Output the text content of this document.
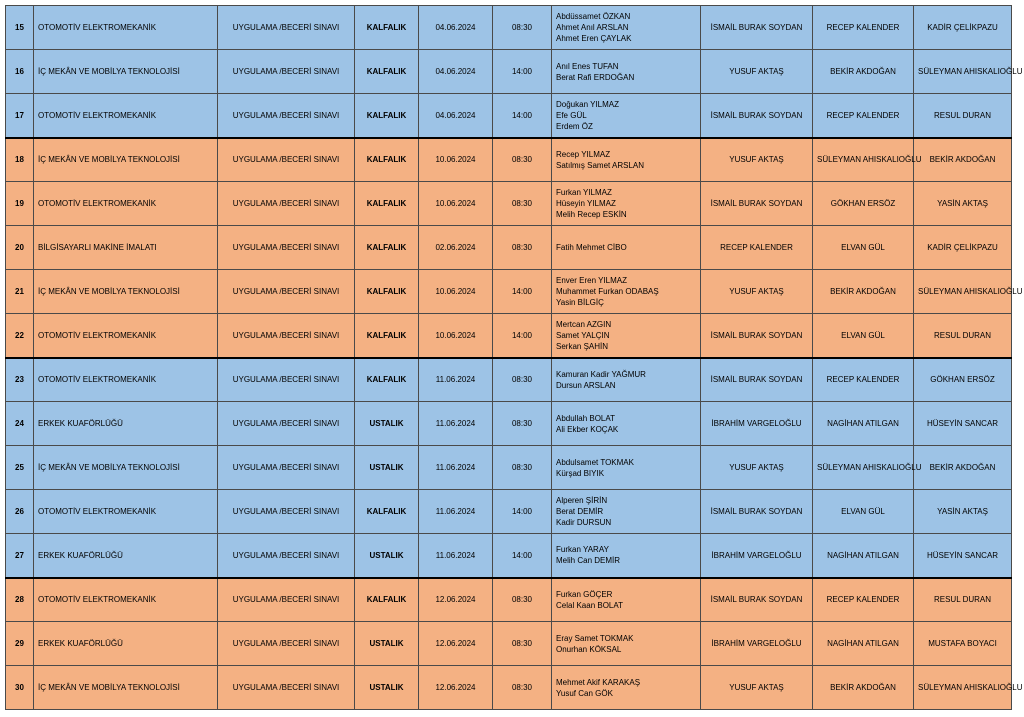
15	OTOMOTİV ELEKTROMEKANİK	UYGULAMA /BECERİ SINAVI	KALFALIK	04.06.2024	08:30	Abdüssamet ÖZKAN
Ahmet Anıl ARSLAN
Ahmet Eren ÇAYLAK	İSMAİL BURAK SOYDAN	RECEP KALENDER	KADİR ÇELİKPAZU
16	İÇ MEKÂN VE MOBİLYA TEKNOLOJİSİ	UYGULAMA /BECERİ SINAVI	KALFALIK	04.06.2024	14:00	Anıl Enes TUFAN
Berat Rafi ERDOĞAN	YUSUF AKTAŞ	BEKİR AKDOĞAN	SÜLEYMAN AHISKALIOĞLU
17	OTOMOTİV ELEKTROMEKANİK	UYGULAMA /BECERİ SINAVI	KALFALIK	04.06.2024	14:00	Doğukan YILMAZ
Efe GÜL
Erdem ÖZ	İSMAİL BURAK SOYDAN	RECEP KALENDER	RESUL DURAN
18	İÇ MEKÂN VE MOBİLYA TEKNOLOJİSİ	UYGULAMA /BECERİ SINAVI	KALFALIK	10.06.2024	08:30	Recep YILMAZ
Satılmış Samet ARSLAN	YUSUF AKTAŞ	SÜLEYMAN AHISKALIOĞLU	BEKİR AKDOĞAN
19	OTOMOTİV ELEKTROMEKANİK	UYGULAMA /BECERİ SINAVI	KALFALIK	10.06.2024	08:30	Furkan YILMAZ
Hüseyin YILMAZ
Melih Recep ESKİN	İSMAİL BURAK SOYDAN	GÖKHAN ERSÖZ	YASİN AKTAŞ
20	BİLGİSAYARLI MAKİNE İMALATI	UYGULAMA /BECERİ SINAVI	KALFALIK	02.06.2024	08:30	Fatih Mehmet CİBO	RECEP KALENDER	ELVAN GÜL	KADİR ÇELİKPAZU
21	İÇ MEKÂN VE MOBİLYA TEKNOLOJİSİ	UYGULAMA /BECERİ SINAVI	KALFALIK	10.06.2024	14:00	Enver Eren YILMAZ
Muhammet Furkan ODABAŞ
Yasin BİLGİÇ	YUSUF AKTAŞ	BEKİR AKDOĞAN	SÜLEYMAN AHISKALIOĞLU
22	OTOMOTİV ELEKTROMEKANİK	UYGULAMA /BECERİ SINAVI	KALFALIK	10.06.2024	14:00	Mertcan AZGIN
Samet YALÇIN
Serkan ŞAHİN	İSMAİL BURAK SOYDAN	ELVAN GÜL	RESUL DURAN
23	OTOMOTİV ELEKTROMEKANİK	UYGULAMA /BECERİ SINAVI	KALFALIK	11.06.2024	08:30	Kamuran Kadir YAĞMUR
Dursun ARSLAN	İSMAİL BURAK SOYDAN	RECEP KALENDER	GÖKHAN ERSÖZ
24	ERKEK KUAFÖRLÜĞÜ	UYGULAMA /BECERİ SINAVI	USTALIK	11.06.2024	08:30	Abdullah BOLAT
Ali Ekber KOÇAK	İBRAHİM VARGELOĞLU	NAGİHAN ATILGAN	HÜSEYİN SANCAR
25	İÇ MEKÂN VE MOBİLYA TEKNOLOJİSİ	UYGULAMA /BECERİ SINAVI	USTALIK	11.06.2024	08:30	Abdulsamet TOKMAK
Kürşad BIYIK	YUSUF AKTAŞ	SÜLEYMAN AHISKALIOĞLU	BEKİR AKDOĞAN
26	OTOMOTİV ELEKTROMEKANİK	UYGULAMA /BECERİ SINAVI	KALFALIK	11.06.2024	14:00	Alperen ŞİRİN
Berat DEMİR
Kadir DURSUN	İSMAİL BURAK SOYDAN	ELVAN GÜL	YASİN AKTAŞ
27	ERKEK KUAFÖRLÜĞÜ	UYGULAMA /BECERİ SINAVI	USTALIK	11.06.2024	14:00	Furkan YARAY
Melih Can DEMİR	İBRAHİM VARGELOĞLU	NAGİHAN ATILGAN	HÜSEYİN SANCAR
28	OTOMOTİV ELEKTROMEKANİK	UYGULAMA /BECERİ SINAVI	KALFALIK	12.06.2024	08:30	Furkan GÖÇER
Celal Kaan BOLAT	İSMAİL BURAK SOYDAN	RECEP KALENDER	RESUL DURAN
29	ERKEK KUAFÖRLÜĞÜ	UYGULAMA /BECERİ SINAVI	USTALIK	12.06.2024	08:30	Eray Samet TOKMAK
Onurhan KÖKSAL	İBRAHİM VARGELOĞLU	NAGİHAN ATILGAN	MUSTAFA BOYACI
30	İÇ MEKÂN VE MOBİLYA TEKNOLOJİSİ	UYGULAMA /BECERİ SINAVI	USTALIK	12.06.2024	08:30	Mehmet Akif KARAKAŞ
Yusuf Can GÖK	YUSUF AKTAŞ	BEKİR AKDOĞAN	SÜLEYMAN AHISKALIOĞLU
